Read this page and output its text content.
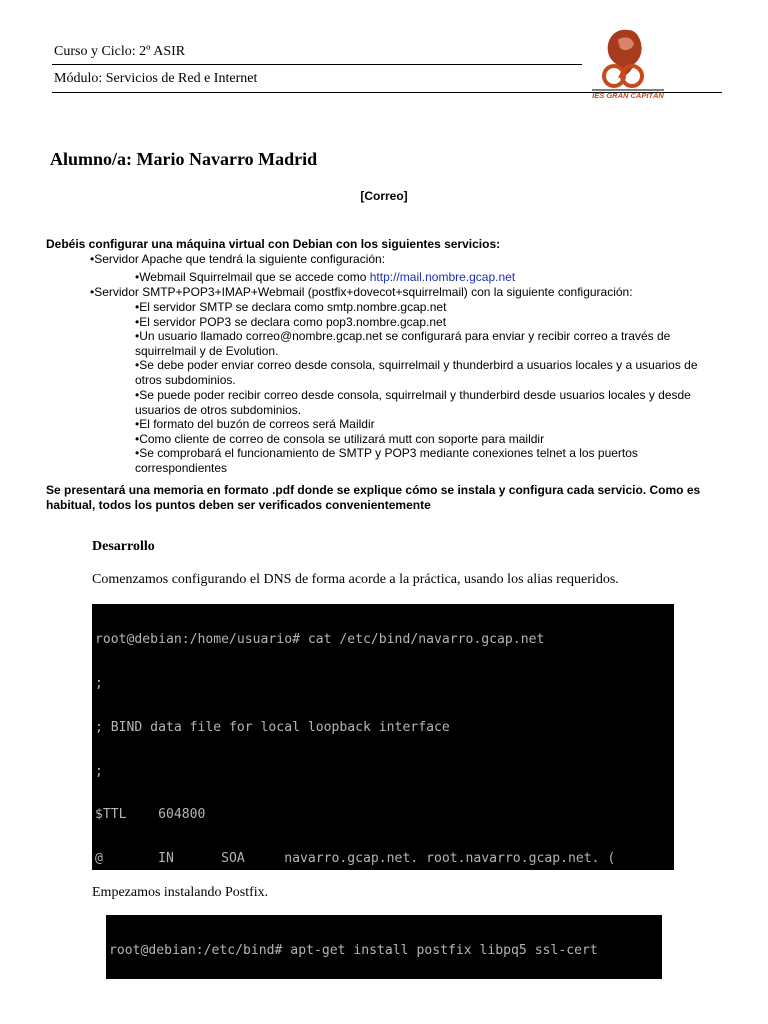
Curso y Ciclo: 2º ASIR
Módulo: Servicios de Red e Internet
IES GRAN CAPITÁN
Alumno/a: Mario Navarro Madrid
[Correo]
Debéis configurar una máquina virtual con Debian con los siguientes servicios:
•Servidor Apache que tendrá la siguiente configuración:
•Webmail Squirrelmail que se accede como http://mail.nombre.gcap.net
•Servidor SMTP+POP3+IMAP+Webmail (postfix+dovecot+squirrelmail) con la siguiente configuración:
•El servidor SMTP se declara como smtp.nombre.gcap.net
•El servidor POP3 se declara como pop3.nombre.gcap.net
•Un usuario llamado correo@nombre.gcap.net se configurará para enviar y recibir correo a través de squirrelmail y de Evolution.
•Se debe poder enviar correo desde consola, squirrelmail y thunderbird a usuarios locales y a usuarios de otros subdominios.
•Se puede poder recibir correo desde consola, squirrelmail y thunderbird desde usuarios locales y desde usuarios de otros subdominios.
•El formato del buzón de correos será Maildir
•Como cliente de correo de consola se utilizará mutt con soporte para maildir
•Se comprobará el funcionamiento de SMTP y POP3 mediante conexiones telnet a los puertos correspondientes
Se presentará una memoria en formato .pdf donde se explique cómo se instala y configura cada servicio. Como es habitual, todos los puntos deben ser verificados convenientemente
Desarrollo
Comenzamos configurando el DNS de forma acorde a la práctica, usando los alias requeridos.

root@debian:/home/usuario# cat /etc/bind/navarro.gcap.net

;

; BIND data file for local loopback interface

;

$TTL    604800

@       IN      SOA     navarro.gcap.net. root.navarro.gcap.net. (

Empezamos instalando Postfix.

root@debian:/etc/bind# apt-get install postfix libpq5 ssl-cert
